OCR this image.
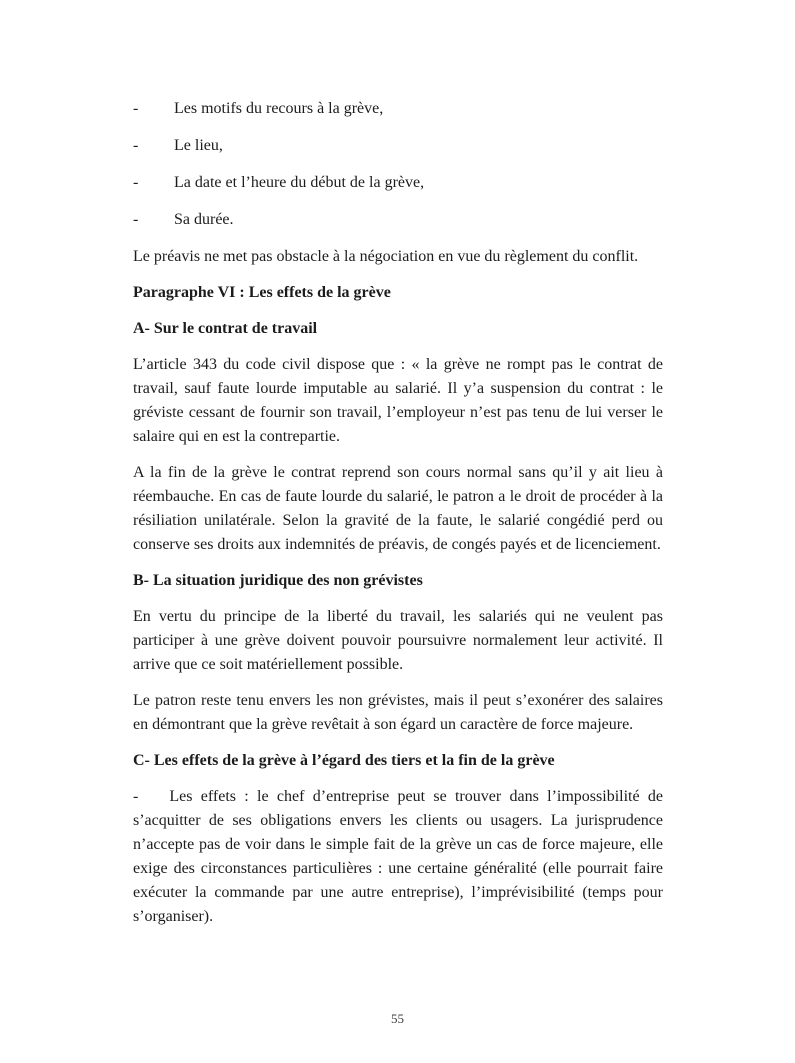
-	Les motifs du recours à la grève,
-	Le lieu,
-	La date et l’heure du début de la grève,
-	Sa durée.

Le préavis ne met pas obstacle à la négociation en vue du règlement du conflit.

Paragraphe VI : Les effets de la grève

A- Sur le contrat de travail

L’article 343 du code civil dispose que : « la grève ne rompt pas le contrat de travail, sauf faute lourde imputable au salarié. Il y’a suspension du contrat : le gréviste cessant de fournir son travail, l’employeur n’est pas tenu de lui verser le salaire qui en est la contrepartie.

A la fin de la grève le contrat reprend son cours normal sans qu’il y ait lieu à réembauche. En cas de faute lourde du salarié, le patron a le droit de procéder à la résiliation unilatérale. Selon la gravité de la faute, le salarié congédié perd ou conserve ses droits aux indemnités de préavis, de congés payés et de licenciement.

B- La situation juridique des non grévistes

En vertu du principe de la liberté du travail, les salariés qui ne veulent pas participer à une grève doivent pouvoir poursuivre normalement leur activité. Il arrive que ce soit matériellement possible.

Le patron reste tenu envers les non grévistes, mais il peut s’exonérer des salaires en démontrant que la grève revêtait à son égard un caractère de force majeure.

C- Les effets de la grève à l’égard des tiers et la fin de la grève

- Les effets : le chef d’entreprise peut se trouver dans l’impossibilité de s’acquitter de ses obligations envers les clients ou usagers. La jurisprudence n’accepte pas de voir dans le simple fait de la grève un cas de force majeure, elle exige des circonstances particulières : une certaine généralité (elle pourrait faire exécuter la commande par une autre entreprise), l’imprévisibilité (temps pour s’organiser).

55
